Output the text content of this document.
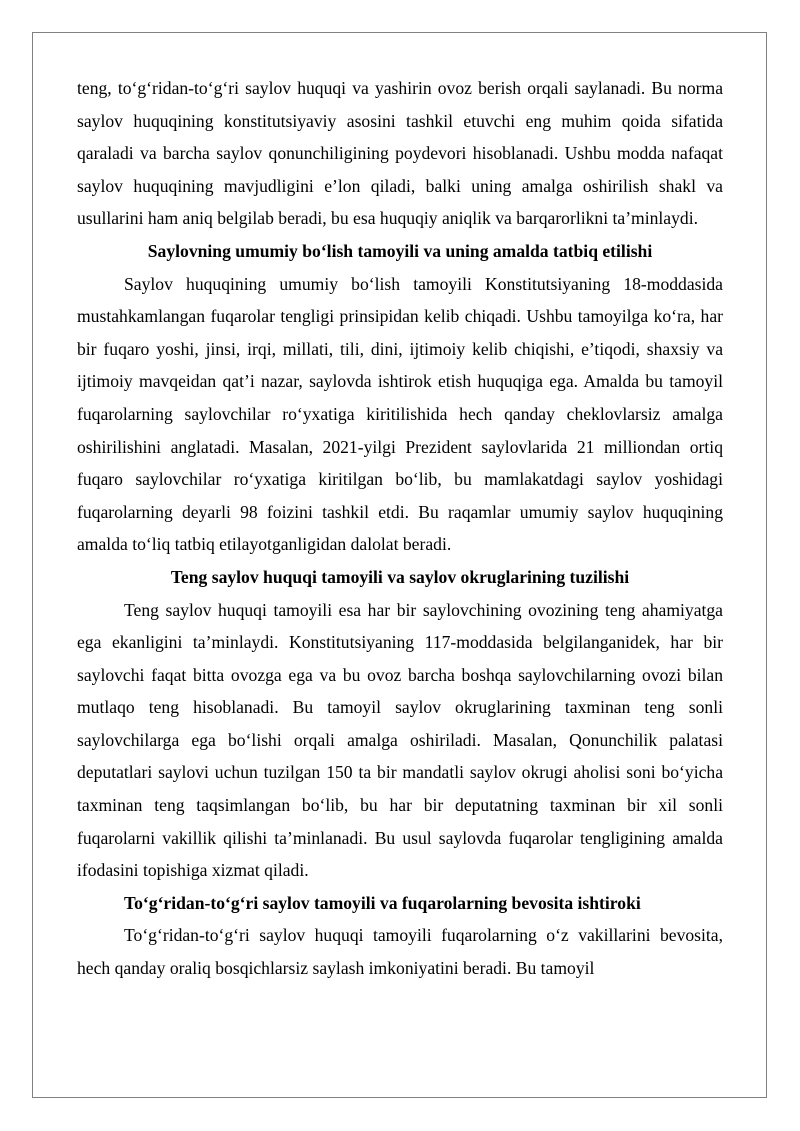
teng, to‘g‘ridan-to‘g‘ri saylov huquqi va yashirin ovoz berish orqali saylanadi. Bu norma saylov huquqining konstitutsiyaviy asosini tashkil etuvchi eng muhim qoida sifatida qaraladi va barcha saylov qonunchiligining poydevori hisoblanadi. Ushbu modda nafaqat saylov huquqining mavjudligini e’lon qiladi, balki uning amalga oshirilish shakl va usullarini ham aniq belgilab beradi, bu esa huquqiy aniqlik va barqarorlikni ta’minlaydi.

Saylovning umumiy bo‘lish tamoyili va uning amalda tatbiq etilishi

Saylov huquqining umumiy bo‘lish tamoyili Konstitutsiyaning 18-moddasida mustahkamlangan fuqarolar tengligi prinsipidan kelib chiqadi. Ushbu tamoyilga ko‘ra, har bir fuqaro yoshi, jinsi, irqi, millati, tili, dini, ijtimoiy kelib chiqishi, e’tiqodi, shaxsiy va ijtimoiy mavqeidan qat’i nazar, saylovda ishtirok etish huquqiga ega. Amalda bu tamoyil fuqarolarning saylovchilar ro‘yxatiga kiritilishida hech qanday cheklovlarsiz amalga oshirilishini anglatadi. Masalan, 2021-yilgi Prezident saylovlarida 21 milliondan ortiq fuqaro saylovchilar ro‘yxatiga kiritilgan bo‘lib, bu mamlakatdagi saylov yoshidagi fuqarolarning deyarli 98 foizini tashkil etdi. Bu raqamlar umumiy saylov huquqining amalda to‘liq tatbiq etilayotganligidan dalolat beradi.

Teng saylov huquqi tamoyili va saylov okruglarining tuzilishi

Teng saylov huquqi tamoyili esa har bir saylovchining ovozining teng ahamiyatga ega ekanligini ta’minlaydi. Konstitutsiyaning 117-moddasida belgilanganidek, har bir saylovchi faqat bitta ovozga ega va bu ovoz barcha boshqa saylovchilarning ovozi bilan mutlaqo teng hisoblanadi. Bu tamoyil saylov okruglarining taxminan teng sonli saylovchilarga ega bo‘lishi orqali amalga oshiriladi. Masalan, Qonunchilik palatasi deputatlari saylovi uchun tuzilgan 150 ta bir mandatli saylov okrugi aholisi soni bo‘yicha taxminan teng taqsimlangan bo‘lib, bu har bir deputatning taxminan bir xil sonli fuqarolarni vakillik qilishi ta’minlanadi. Bu usul saylovda fuqarolar tengligining amalda ifodasini topishiga xizmat qiladi.

To‘g‘ridan-to‘g‘ri saylov tamoyili va fuqarolarning bevosita ishtiroki

To‘g‘ridan-to‘g‘ri saylov huquqi tamoyili fuqarolarning o‘z vakillarini bevosita, hech qanday oraliq bosqichlarsiz saylash imkoniyatini beradi. Bu tamoyil
